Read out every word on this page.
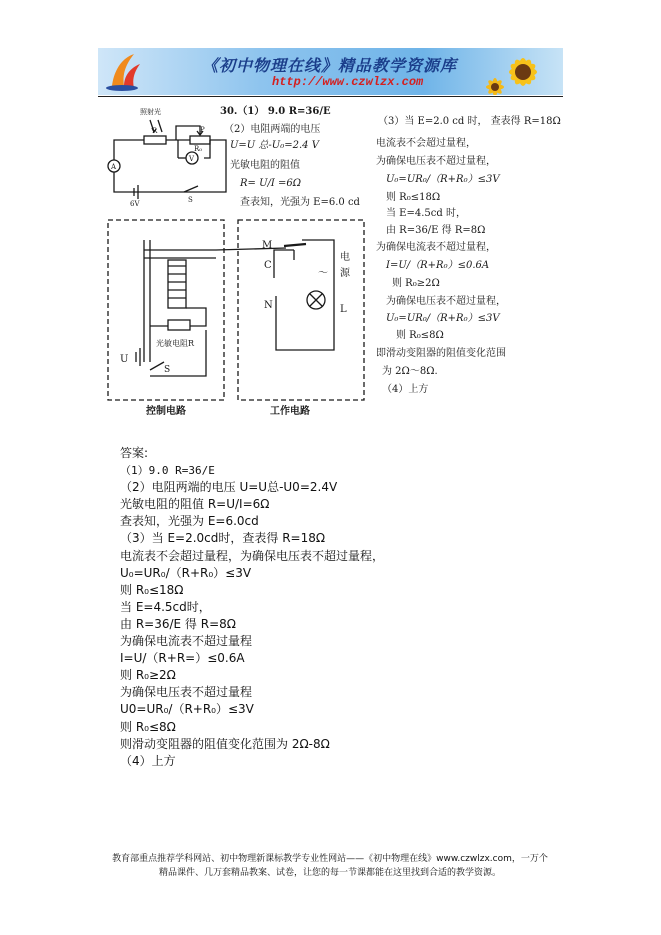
《初中物理在线》精品教学资源库
http://www.czwlzx.com
照射光
R	P
R₀
A
V
6V	S
M
C
N
电
源
～
L
光敏电阻R
U
S
控制电路	工作电路
30.（1） 9.0 R=36/E
（2）电阻两端的电压
U=U 总-U₀=2.4 V
光敏电阻的阻值
R= U/I =6Ω
查表知，光强为 E=6.0 cd
（3）当 E=2.0 cd 时， 查表得 R=18Ω
电流表不会超过量程，
为确保电压表不超过量程，
U₀=UR₀/（R+R₀）≤3V
则 R₀≤18Ω
当 E=4.5cd 时，
由 R=36/E 得 R=8Ω
为确保电流表不超过量程，
I=U/（R+R₀）≤0.6A
则 R₀≥2Ω
为确保电压表不超过量程，
U₀=UR₀/（R+R₀）≤3V
则 R₀≤8Ω
即滑动变阻器的阻值变化范围
为 2Ω～8Ω.
（4）上方
答案:
（1）9.0 R=36/E
（2）电阻两端的电压 U=U总-U0=2.4V
光敏电阻的阻值 R=U/I=6Ω
查表知，光强为 E=6.0cd
（3）当 E=2.0cd时，查表得 R=18Ω
电流表不会超过量程，为确保电压表不超过量程，
U₀=UR₀/（R+R₀）≤3V
则 R₀≤18Ω
当 E=4.5cd时，
由 R=36/E 得 R=8Ω
为确保电流表不超过量程
I=U/（R+R=）≤0.6A
则 R₀≥2Ω
为确保电压表不超过量程
U0=UR₀/（R+R₀）≤3V
则 R₀≤8Ω
则滑动变阻器的阻值变化范围为 2Ω-8Ω
（4）上方
教育部重点推荐学科网站、初中物理新课标教学专业性网站——《初中物理在线》www.czwlzx.com，一万个
精品课件、几万套精品教案、试卷，让您的每一节课都能在这里找到合适的教学资源。
